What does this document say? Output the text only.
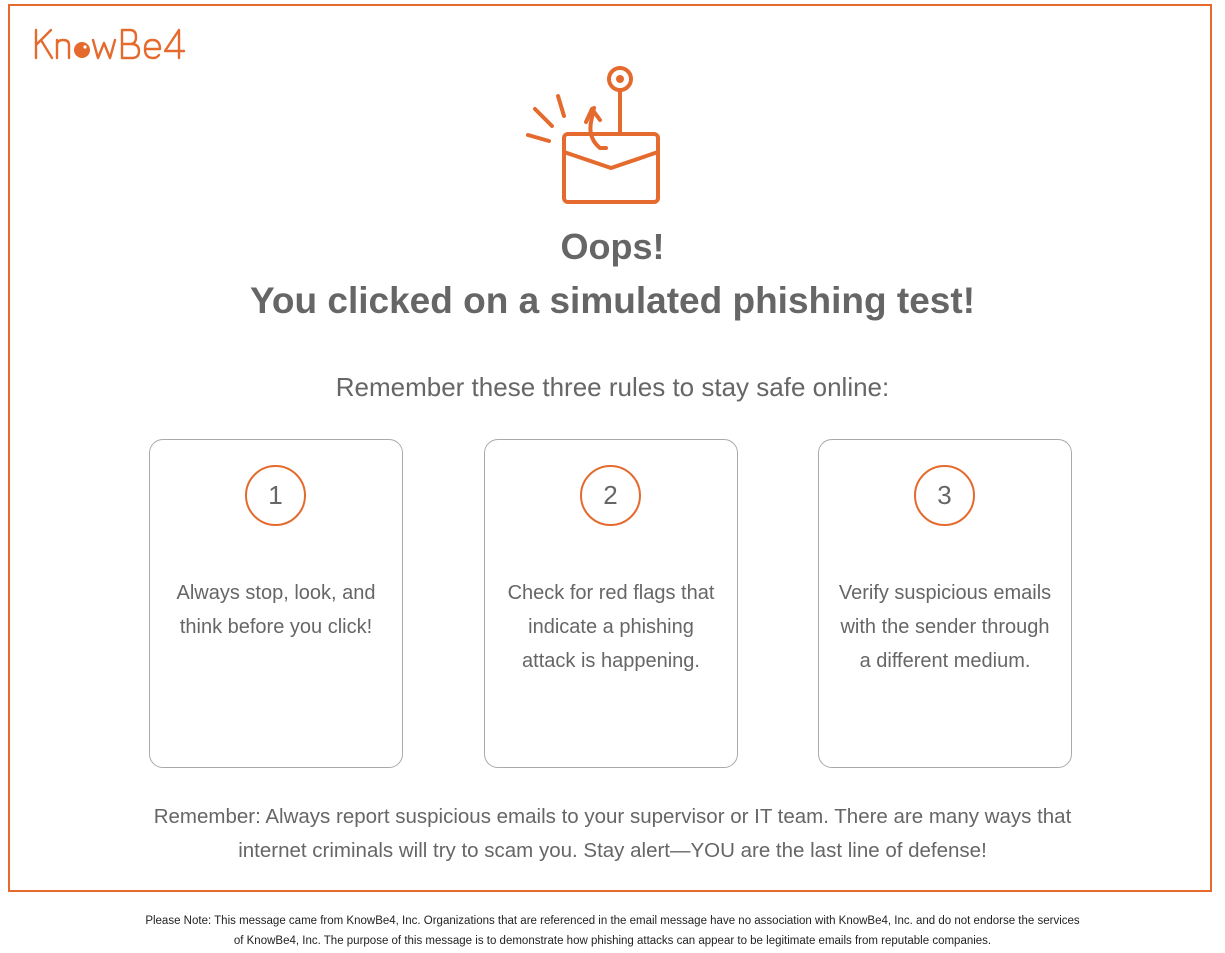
Oops!
You clicked on a simulated phishing test!

Remember these three rules to stay safe online:

1
Always stop, look, and think before you click!
2
Check for red flags that indicate a phishing attack is happening.
3
Verify suspicious emails with the sender through a different medium.

Remember: Always report suspicious emails to your supervisor or IT team. There are many ways that internet criminals will try to scam you. Stay alert—YOU are the last line of defense!

Please Note: This message came from KnowBe4, Inc. Organizations that are referenced in the email message have no association with KnowBe4, Inc. and do not endorse the services of KnowBe4, Inc. The purpose of this message is to demonstrate how phishing attacks can appear to be legitimate emails from reputable companies.
